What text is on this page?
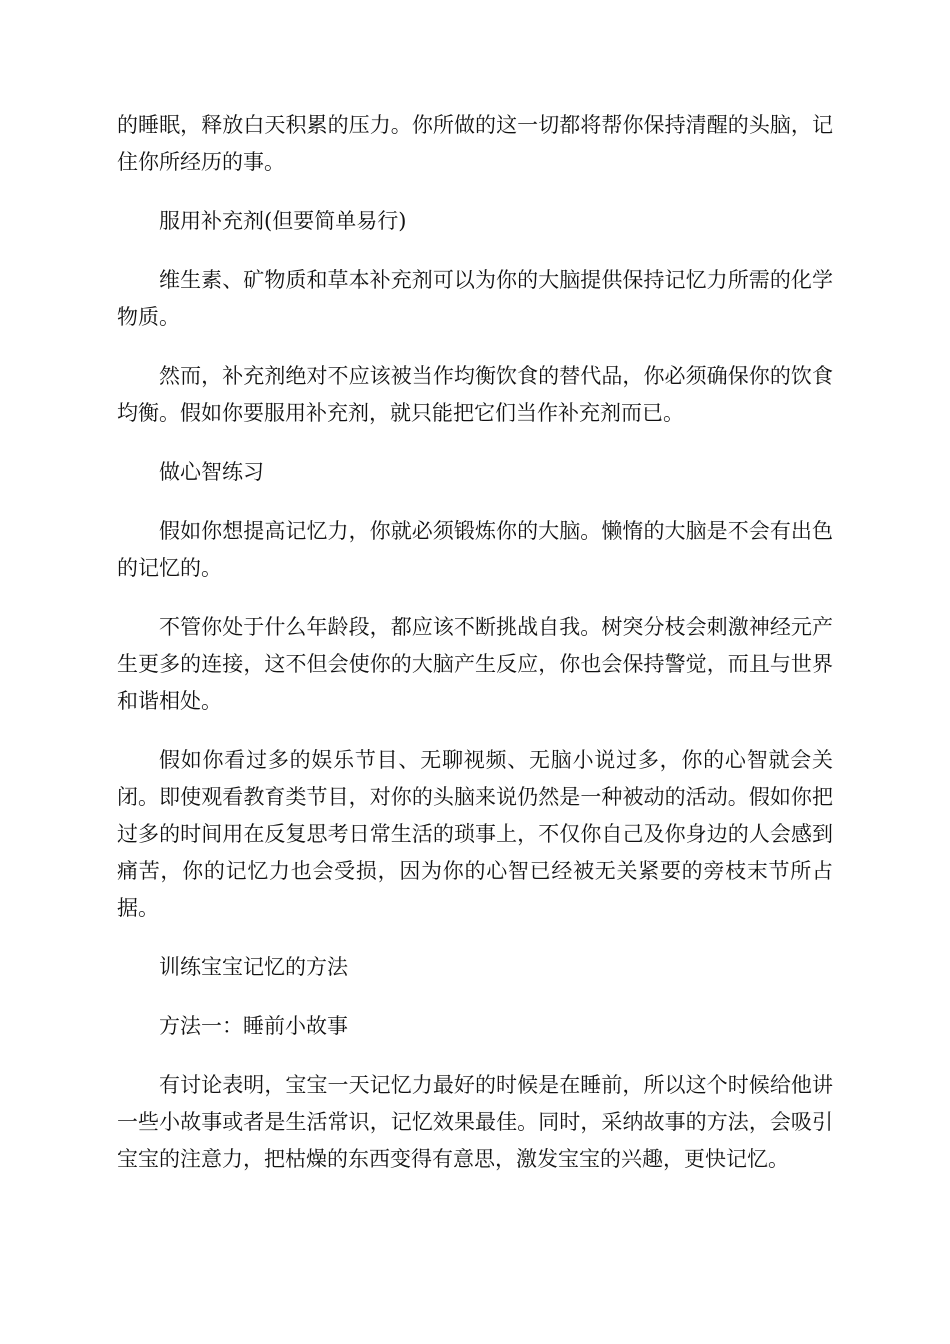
的睡眠，释放白天积累的压力。你所做的这一切都将帮你保持清醒的头脑，记住你所经历的事。

服用补充剂(但要简单易行)

维生素、矿物质和草本补充剂可以为你的大脑提供保持记忆力所需的化学物质。

然而，补充剂绝对不应该被当作均衡饮食的替代品，你必须确保你的饮食均衡。假如你要服用补充剂，就只能把它们当作补充剂而已。

做心智练习

假如你想提高记忆力，你就必须锻炼你的大脑。懒惰的大脑是不会有出色的记忆的。

不管你处于什么年龄段，都应该不断挑战自我。树突分枝会刺激神经元产生更多的连接，这不但会使你的大脑产生反应，你也会保持警觉，而且与世界和谐相处。

假如你看过多的娱乐节目、无聊视频、无脑小说过多，你的心智就会关闭。即使观看教育类节目，对你的头脑来说仍然是一种被动的活动。假如你把过多的时间用在反复思考日常生活的琐事上，不仅你自己及你身边的人会感到痛苦，你的记忆力也会受损，因为你的心智已经被无关紧要的旁枝末节所占据。

训练宝宝记忆的方法

方法一：睡前小故事

有讨论表明，宝宝一天记忆力最好的时候是在睡前，所以这个时候给他讲一些小故事或者是生活常识，记忆效果最佳。同时，采纳故事的方法，会吸引宝宝的注意力，把枯燥的东西变得有意思，激发宝宝的兴趣，更快记忆。
